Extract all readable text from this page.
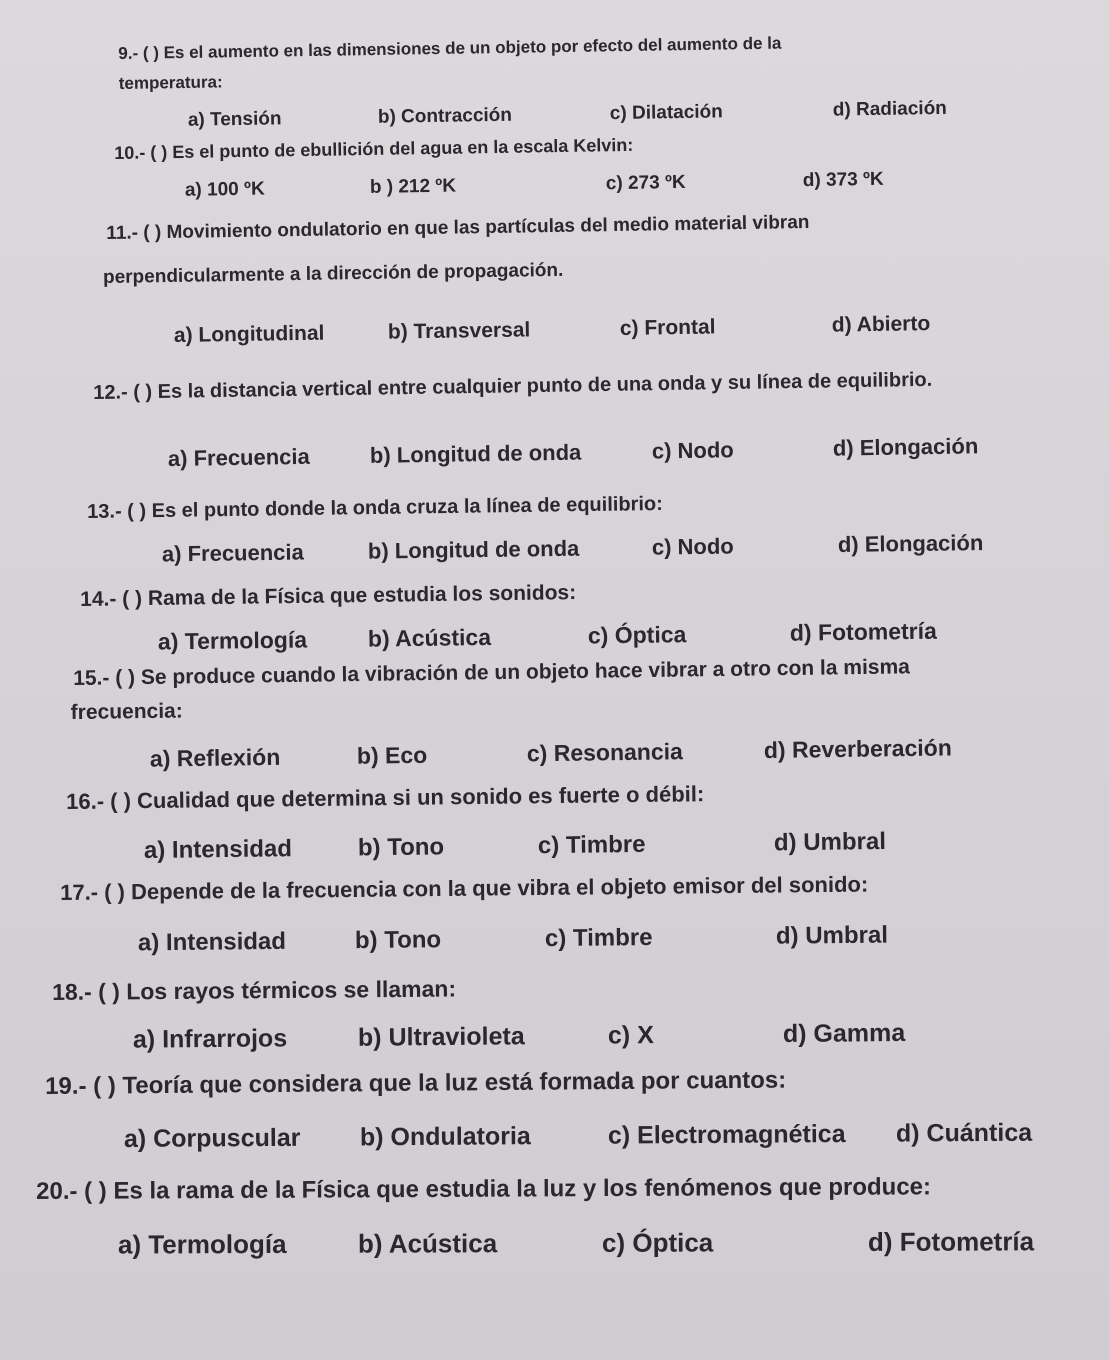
9.- ( ) Es el aumento en las dimensiones de un objeto por efecto del aumento de la
temperatura:
a) Tensión	b) Contracción	c) Dilatación	d) Radiación
10.- ( ) Es el punto de ebullición del agua en la escala Kelvin:
a) 100 ºK	b ) 212 ºK	c) 273 ºK	d) 373 ºK
11.- ( ) Movimiento ondulatorio en que las partículas del medio material vibran
perpendicularmente a la dirección de propagación.
a) Longitudinal	b) Transversal	c) Frontal	d) Abierto
12.- ( ) Es la distancia vertical entre cualquier punto de una onda y su línea de equilibrio.
a) Frecuencia	b) Longitud de onda	c) Nodo	d) Elongación
13.- ( ) Es el punto donde la onda cruza la línea de equilibrio:
a) Frecuencia	b) Longitud de onda	c) Nodo	d) Elongación
14.- ( ) Rama de la Física que estudia los sonidos:
a) Termología	b) Acústica	c) Óptica	d) Fotometría
15.- ( ) Se produce cuando la vibración de un objeto hace vibrar a otro con la misma
frecuencia:
a) Reflexión	b) Eco	c) Resonancia	d) Reverberación
16.- ( ) Cualidad que determina si un sonido es fuerte o débil:
a) Intensidad	b) Tono	c) Timbre	d) Umbral
17.- ( ) Depende de la frecuencia con la que vibra el objeto emisor del sonido:
a) Intensidad	b) Tono	c) Timbre	d) Umbral
18.- ( ) Los rayos térmicos se llaman:
a) Infrarrojos	b) Ultravioleta	c) X	d) Gamma
19.- ( ) Teoría que considera que la luz está formada por cuantos:
a) Corpuscular b) Ondulatoria	c) Electromagnética d) Cuántica
20.- ( ) Es la rama de la Física que estudia la luz y los fenómenos que produce:
a) Termología	b) Acústica	c) Óptica	d) Fotometría
